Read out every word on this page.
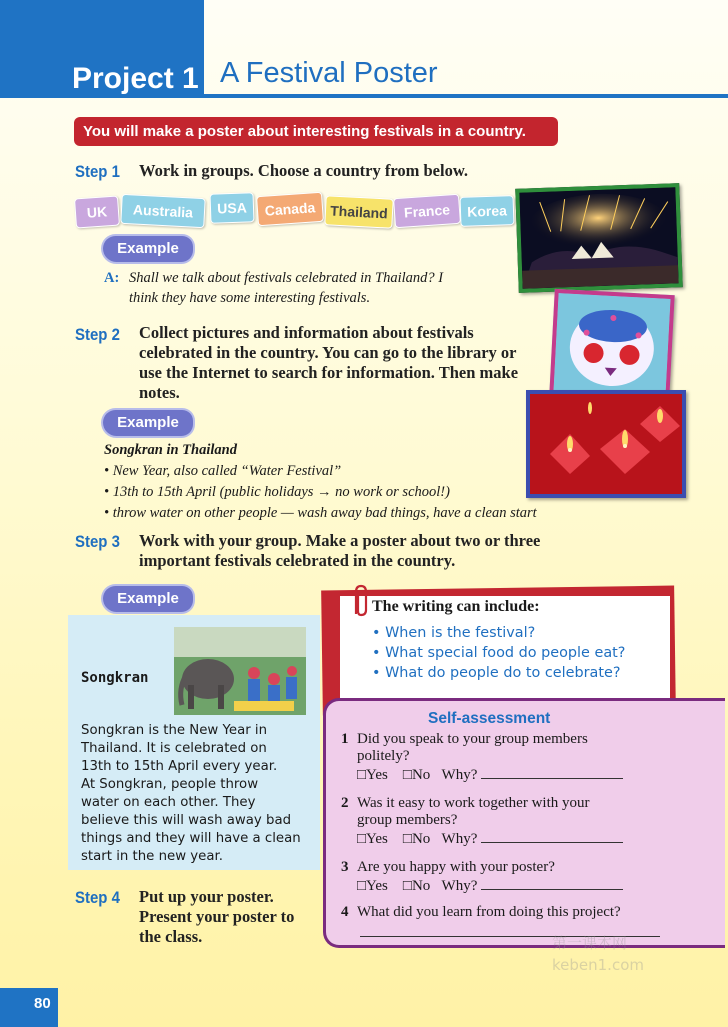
Project 1 A Festival Poster
You will make a poster about interesting festivals in a country.
Step 1 Work in groups. Choose a country from below.
UK	Australia	USA	Canada	Thailand	France	Korea
Example
A: Shall we talk about festivals celebrated in Thailand? I
think they have some interesting festivals.
Step 2 Collect pictures and information about festivals
celebrated in the country. You can go to the library or
use the Internet to search for information. Then make
notes.
Example
Songkran in Thailand
• New Year, also called “Water Festival”
• 13th to 15th April (public holidays → no work or school!)
• throw water on other people — wash away bad things, have a clean start
Step 3 Work with your group. Make a poster about two or three
important festivals celebrated in the country.
Example
Songkran
Songkran is the New Year in
Thailand. It is celebrated on
13th to 15th April every year.
At Songkran, people throw
water on each other. They
believe this will wash away bad
things and they will have a clean
start in the new year.
The writing can include:
• When is the festival?
• What special food do people eat?
• What do people do to celebrate?
Self-assessment
1 Did you speak to your group members
politely?
□Yes □No Why?
2 Was it easy to work together with your
group members?
□Yes □No Why?
3 Are you happy with your poster?
□Yes □No Why?
4 What did you learn from doing this project?
Step 4 Put up your poster.
Present your poster to
the class.	第一课本网
keben1.com
80
